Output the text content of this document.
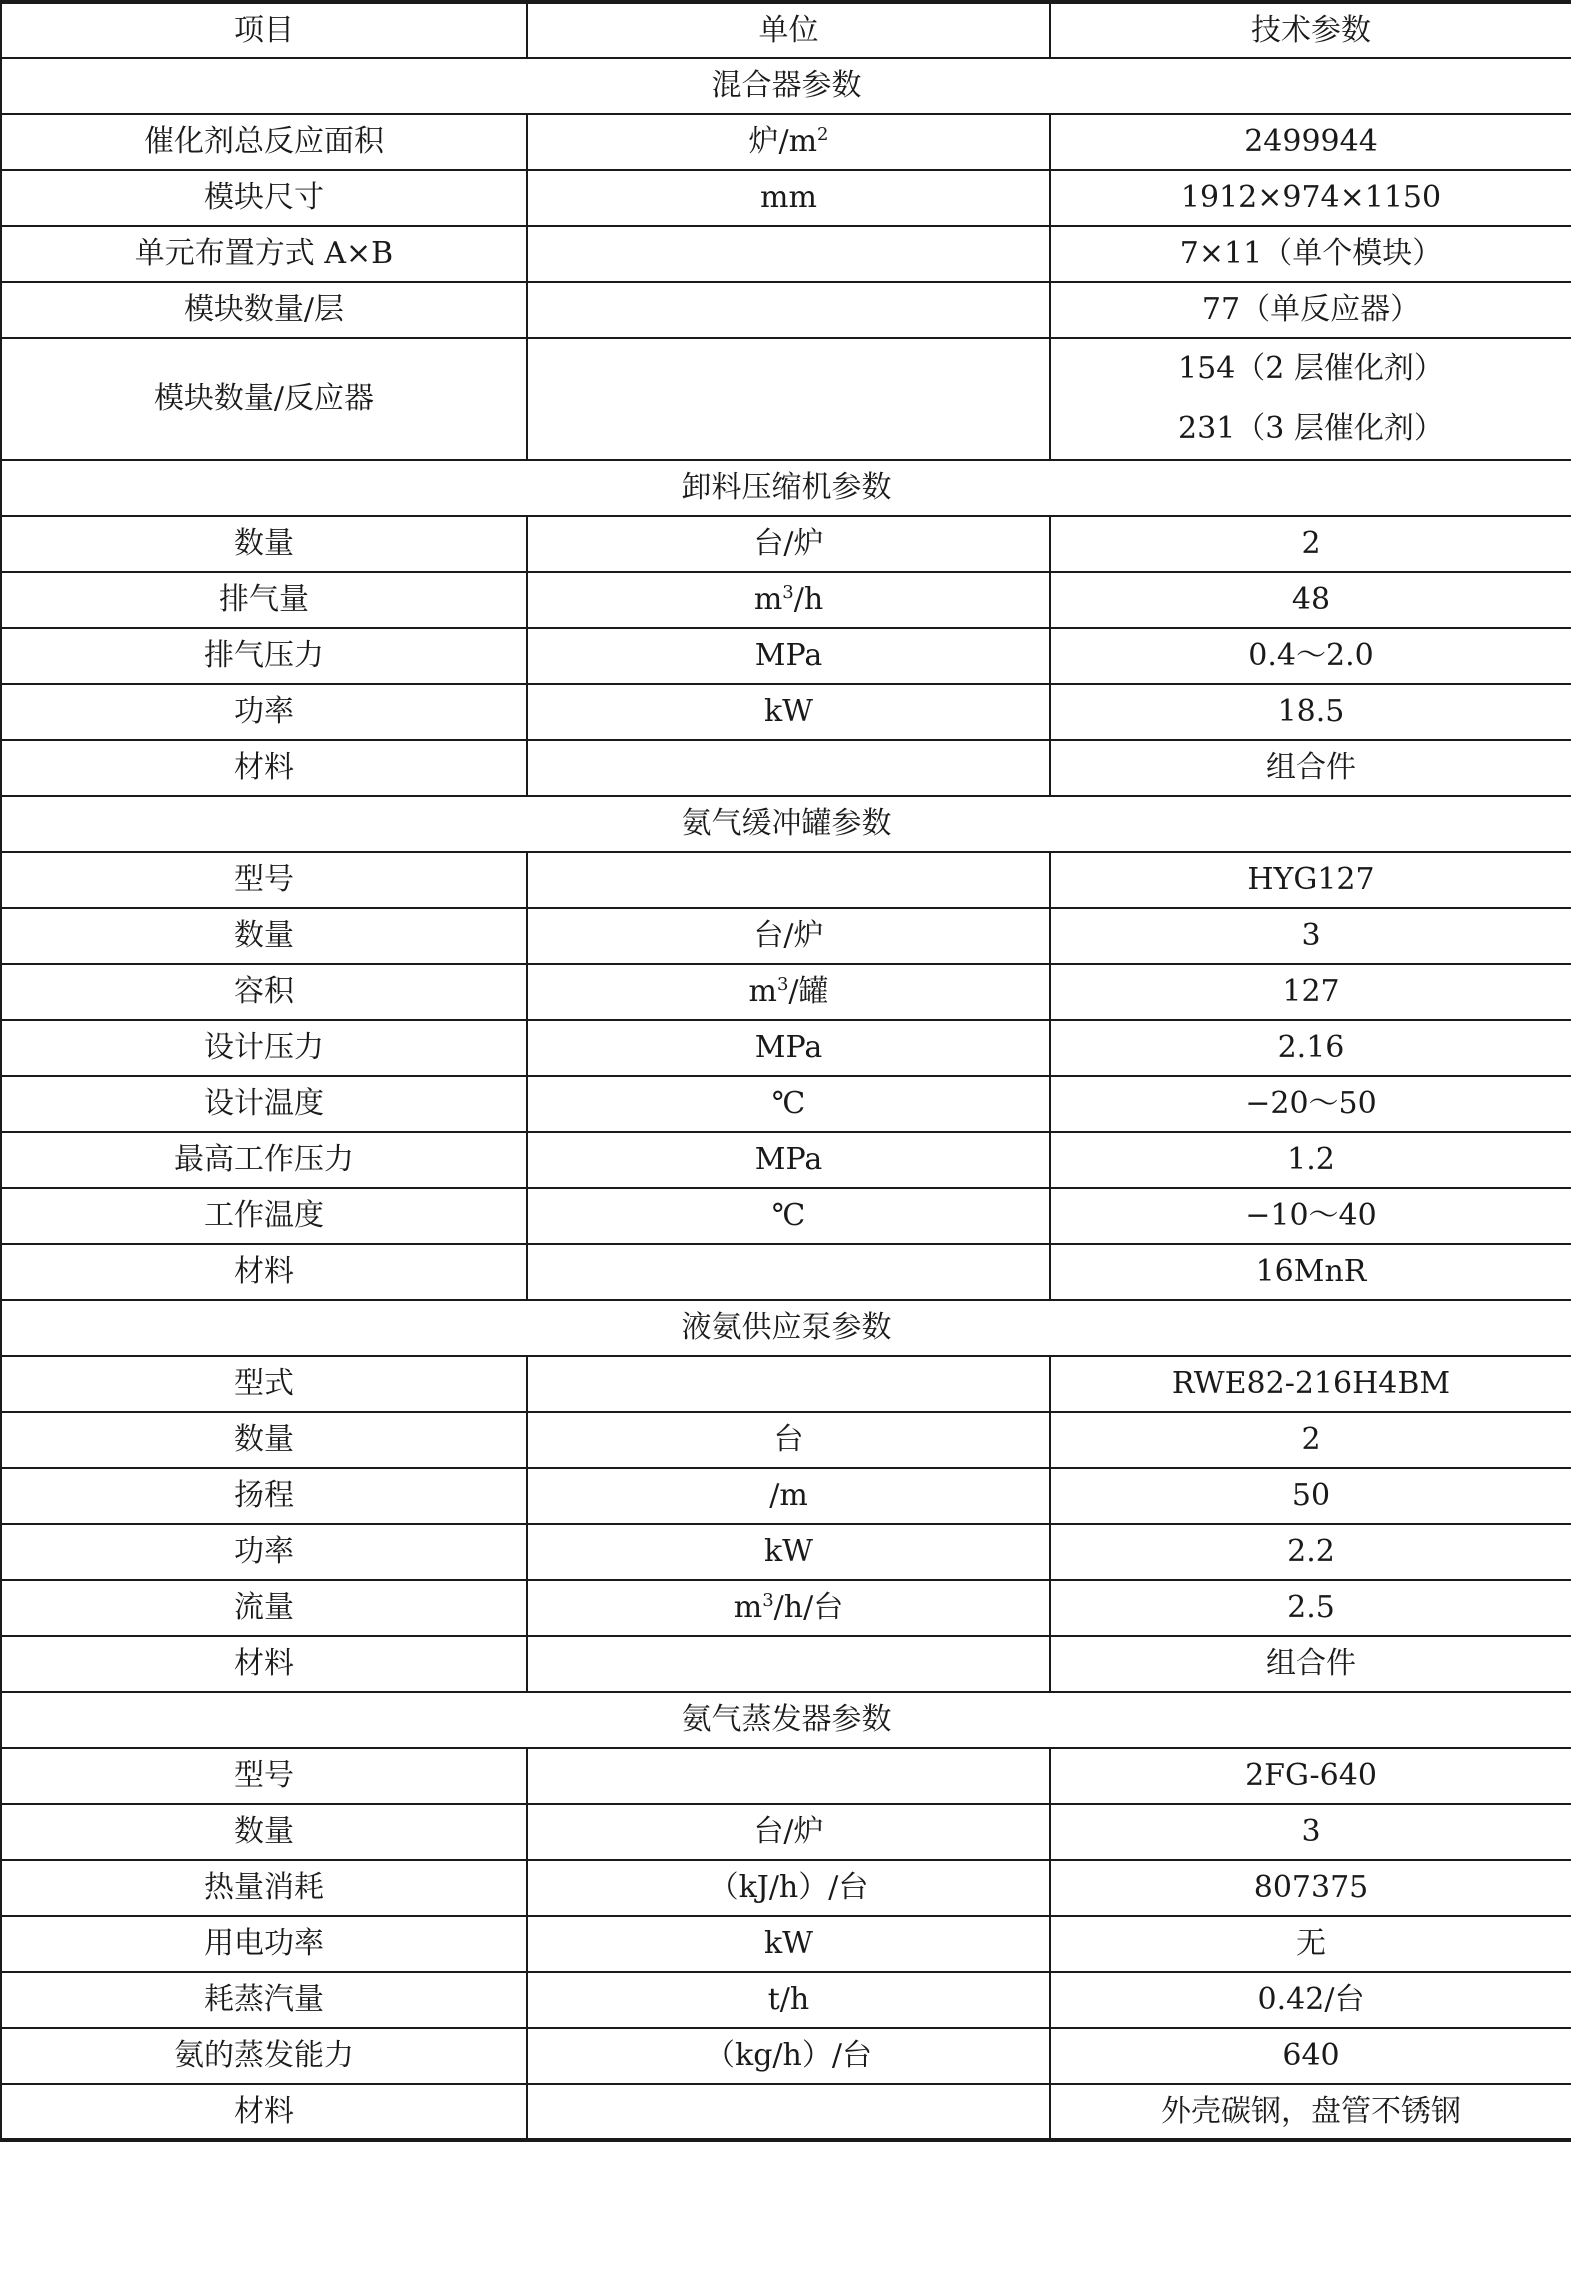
项目	单位	技术参数
混合器参数		
催化剂总反应面积	炉$/m^2$	2499944
模块尺寸	mm	1912×974×1150
单元布置方式 A×B		7×11（单个模块）
模块数量/层		77（单反应器）
模块数量/反应器		154（2 层催化剂）
231（3 层催化剂）

卸料压缩机参数		
数量	台/炉	2
排气量	$m^3/h$	48
排气压力	MPa	0.4～2.0
功率	kW	18.5
材料		组合件
氨气缓冲罐参数		
型号		HYG127
数量	台/炉	3
容积	$m^3/$罐	127
设计压力	MPa	2.16
设计温度	℃	−20～50
最高工作压力	MPa	1.2
工作温度	℃	−10～40
材料		16MnR
液氨供应泵参数		
型式		RWE82-216H4BM
数量	台	2
扬程	/m	50
功率	kW	2.2
流量	$m^3/h/$台	2.5
材料		组合件
氨气蒸发器参数		
型号		2FG-640
数量	台/炉	3
热量消耗	（kJ/h）/台	807375
用电功率	kW	无
耗蒸汽量	t/h	0.42/台
氨的蒸发能力	（kg/h）/台	640
材料		外壳碳钢，盘管不锈钢
